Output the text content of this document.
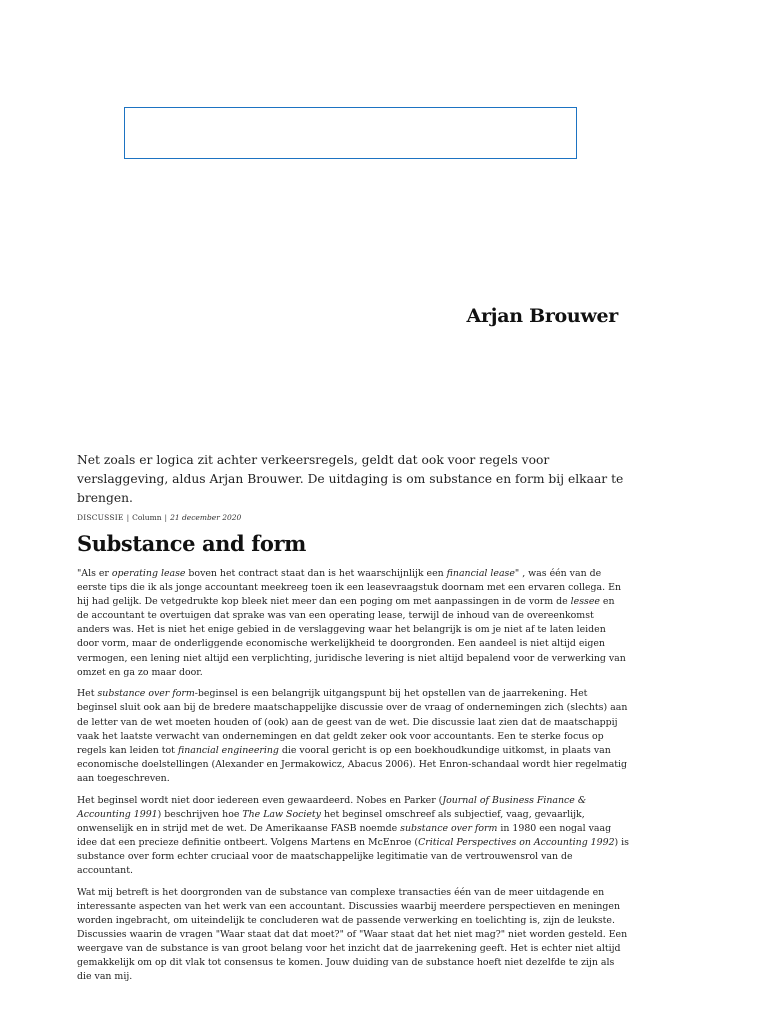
Arjan Brouwer
Net zoals er logica zit achter verkeersregels, geldt dat ook voor regels voor verslaggeving, aldus Arjan Brouwer. De uitdaging is om substance en form bij elkaar te brengen.
DISCUSSIE | Column | 21 december 2020
Substance and form

"Als er operating lease boven het contract staat dan is het waarschijnlijk een financial lease" , was één van de eerste tips die ik als jonge accountant meekreeg toen ik een leasevraagstuk doornam met een ervaren collega. En hij had gelijk. De vetgedrukte kop bleek niet meer dan een poging om met aanpassingen in de vorm de lessee en de accountant te overtuigen dat sprake was van een operating lease, terwijl de inhoud van de overeenkomst anders was. Het is niet het enige gebied in de verslaggeving waar het belangrijk is om je niet af te laten leiden door vorm, maar de onderliggende economische werkelijkheid te doorgronden. Een aandeel is niet altijd eigen vermogen, een lening niet altijd een verplichting, juridische levering is niet altijd bepalend voor de verwerking van omzet en ga zo maar door.

Het substance over form-beginsel is een belangrijk uitgangspunt bij het opstellen van de jaarrekening. Het beginsel sluit ook aan bij de bredere maatschappelijke discussie over de vraag of ondernemingen zich (slechts) aan de letter van de wet moeten houden of (ook) aan de geest van de wet. Die discussie laat zien dat de maatschappij vaak het laatste verwacht van ondernemingen en dat geldt zeker ook voor accountants. Een te sterke focus op regels kan leiden tot financial engineering die vooral gericht is op een boekhoudkundige uitkomst, in plaats van economische doelstellingen (Alexander en Jermakowicz, Abacus 2006). Het Enron-schandaal wordt hier regelmatig aan toegeschreven.

Het beginsel wordt niet door iedereen even gewaardeerd. Nobes en Parker (Journal of Business Finance & Accounting 1991) beschrijven hoe The Law Society het beginsel omschreef als subjectief, vaag, gevaarlijk, onwenselijk en in strijd met de wet. De Amerikaanse FASB noemde substance over form in 1980 een nogal vaag idee dat een precieze definitie ontbeert. Volgens Martens en McEnroe (Critical Perspectives on Accounting 1992) is substance over form echter cruciaal voor de maatschappelijke legitimatie van de vertrouwensrol van de accountant.

Wat mij betreft is het doorgronden van de substance van complexe transacties één van de meer uitdagende en interessante aspecten van het werk van een accountant. Discussies waarbij meerdere perspectieven en meningen worden ingebracht, om uiteindelijk te concluderen wat de passende verwerking en toelichting is, zijn de leukste. Discussies waarin de vragen "Waar staat dat dat moet?" of "Waar staat dat het niet mag?" niet worden gesteld. Een weergave van de substance is van groot belang voor het inzicht dat de jaarrekening geeft. Het is echter niet altijd gemakkelijk om op dit vlak tot consensus te komen. Jouw duiding van de substance hoeft niet dezelfde te zijn als die van mij.
